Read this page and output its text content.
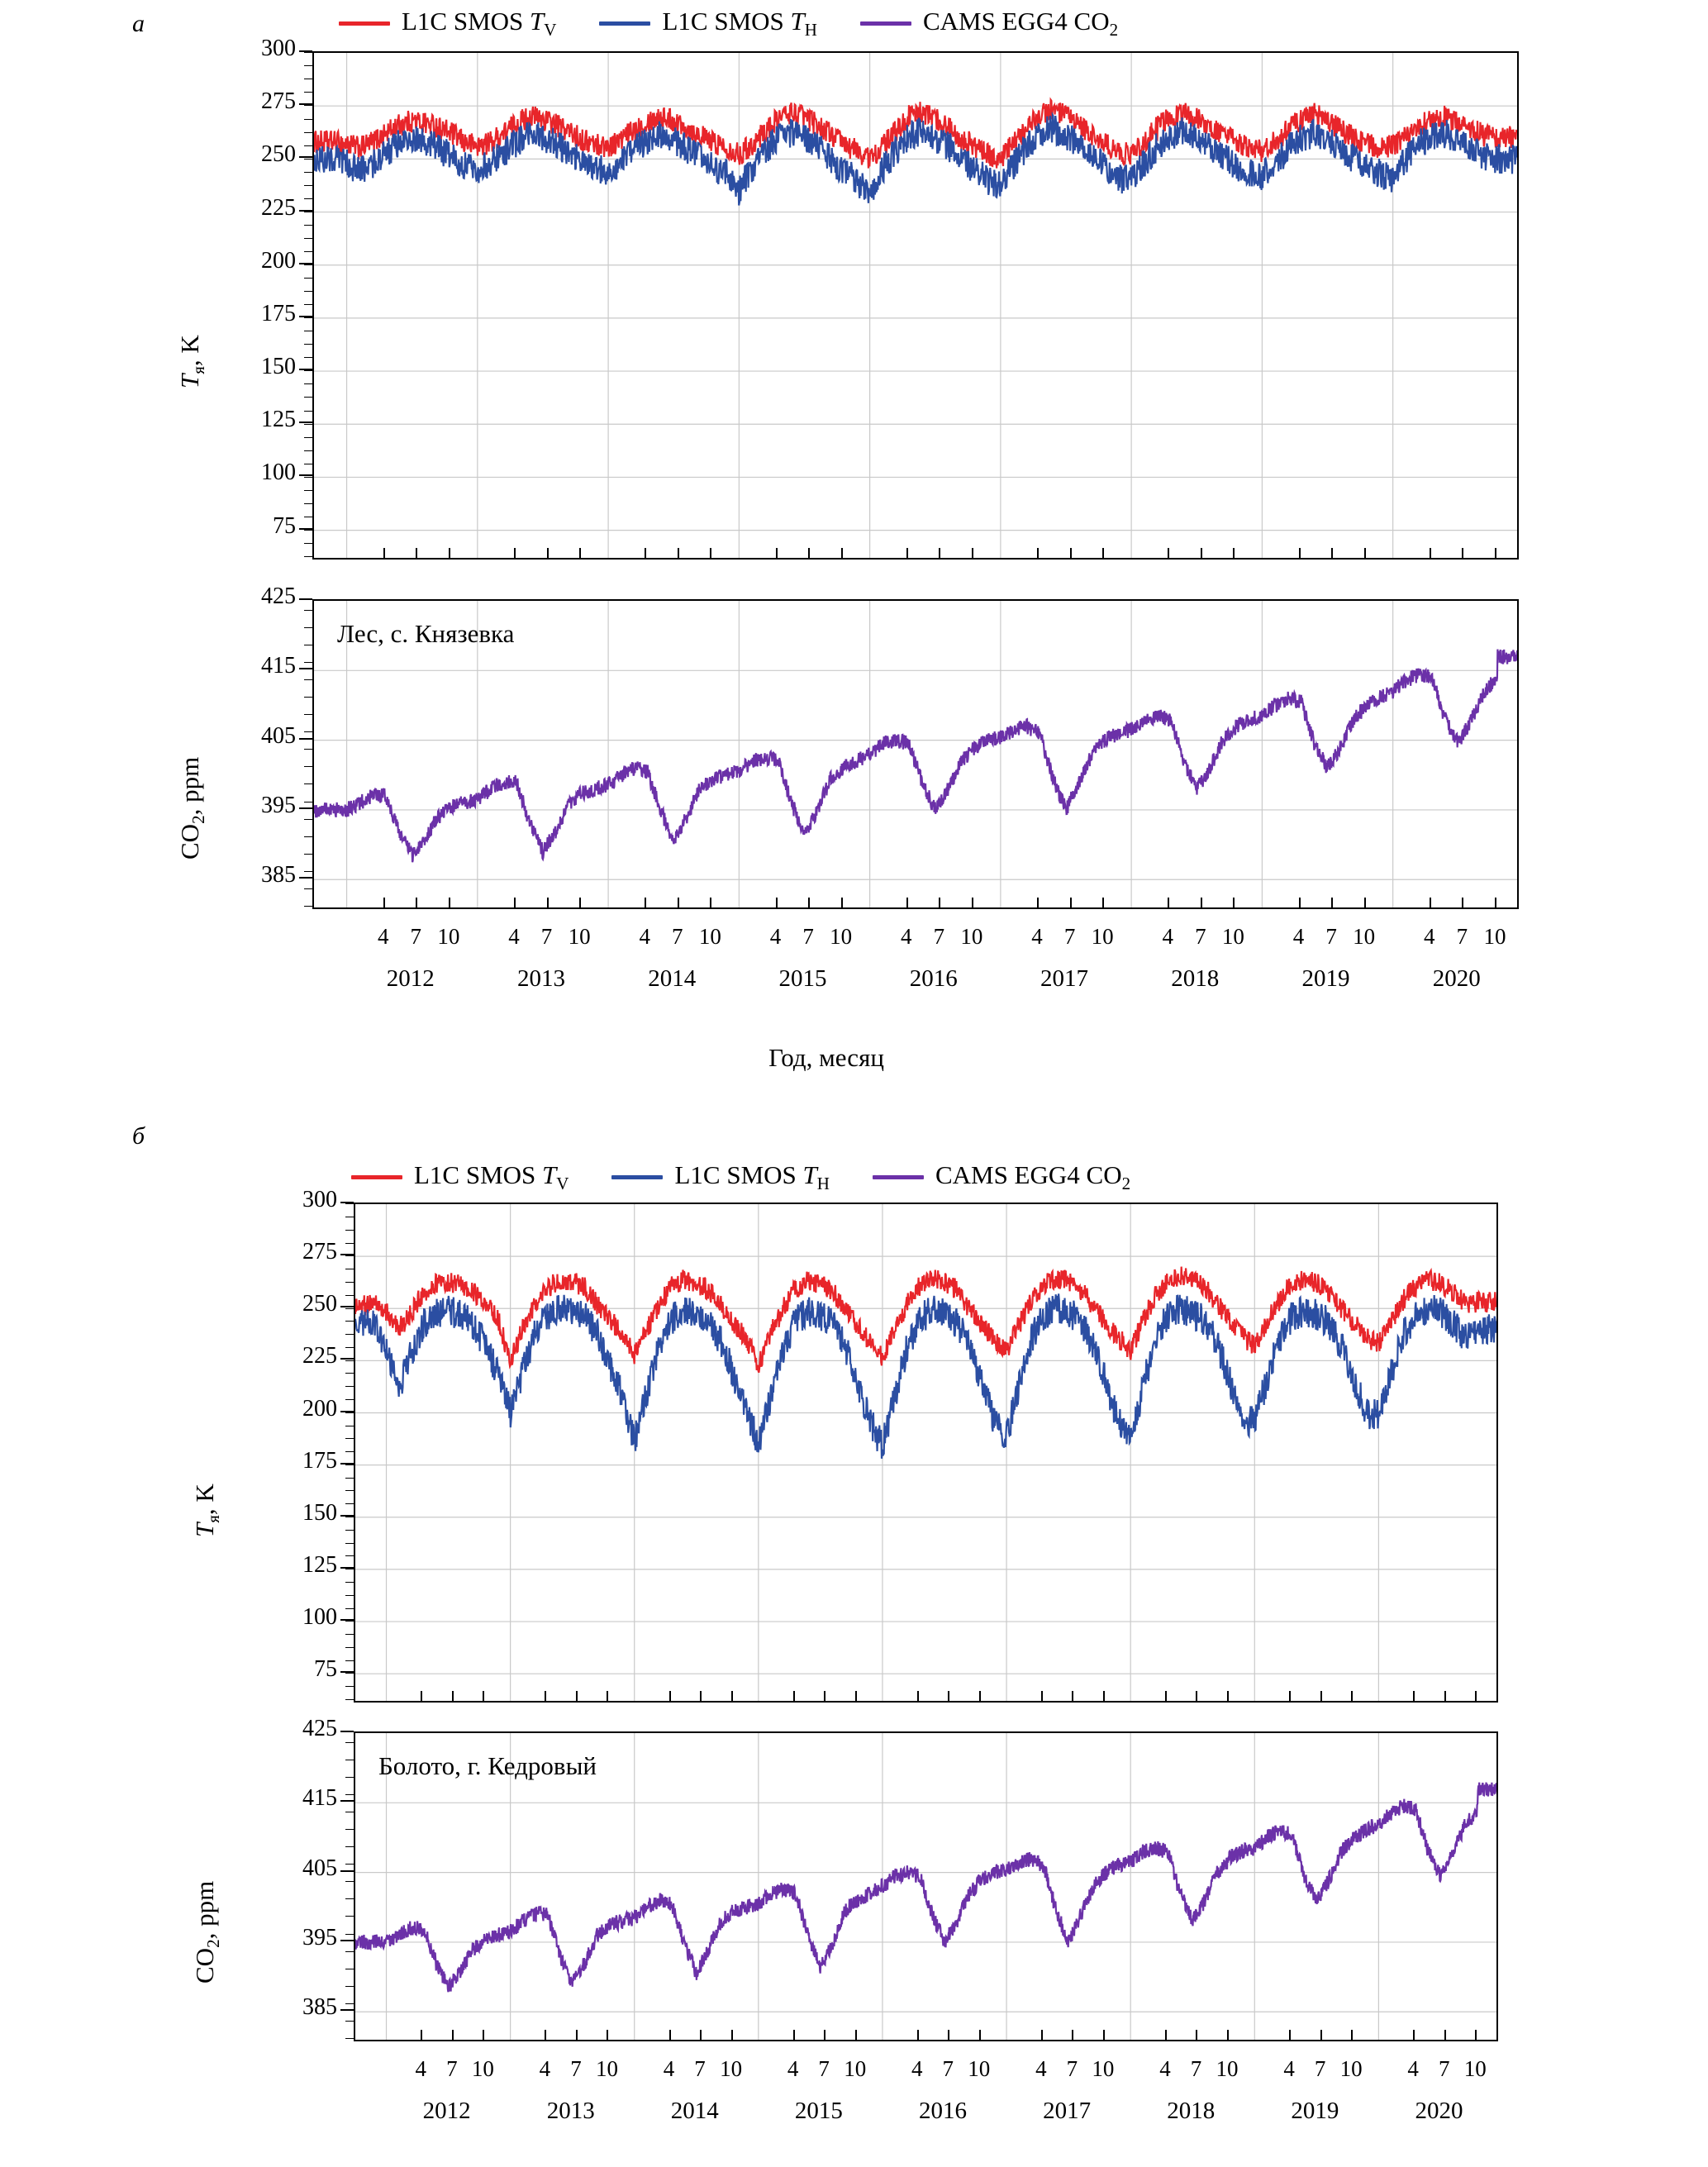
а	L1C SMOS $T_V$	L1C SMOS $T_H$	CAMS EGG4 $CO_2$
$T_я$, K
$CO_2$, ppm
Лес, с. Князевка
Год, месяц
б
L1C SMOS $T_V$	L1C SMOS $T_H$	CAMS EGG4 $CO_2$
$T_я$, K
$CO_2$, ppm
Болото, г. Кедровый
75
100
125
150
175
200
225
250
275
300
385
395
405
415
425
75
100
125
150
175
200
225
250
275
300
385
395
405
415
425
4 7 10
2012
4 7 10
2013
4 7 10
2014
4 7 10
2015
4 7 10
2016
4 7 10
2017
4 7 10
2018
4 7 10
2019
4 7 10
2020
4 7 10
2012
4 7 10
2013
4 7 10
2014
4 7 10
2015
4 7 10
2016
4 7 10
2017
4 7 10
2018
4 7 10
2019
4 7 10
2020
